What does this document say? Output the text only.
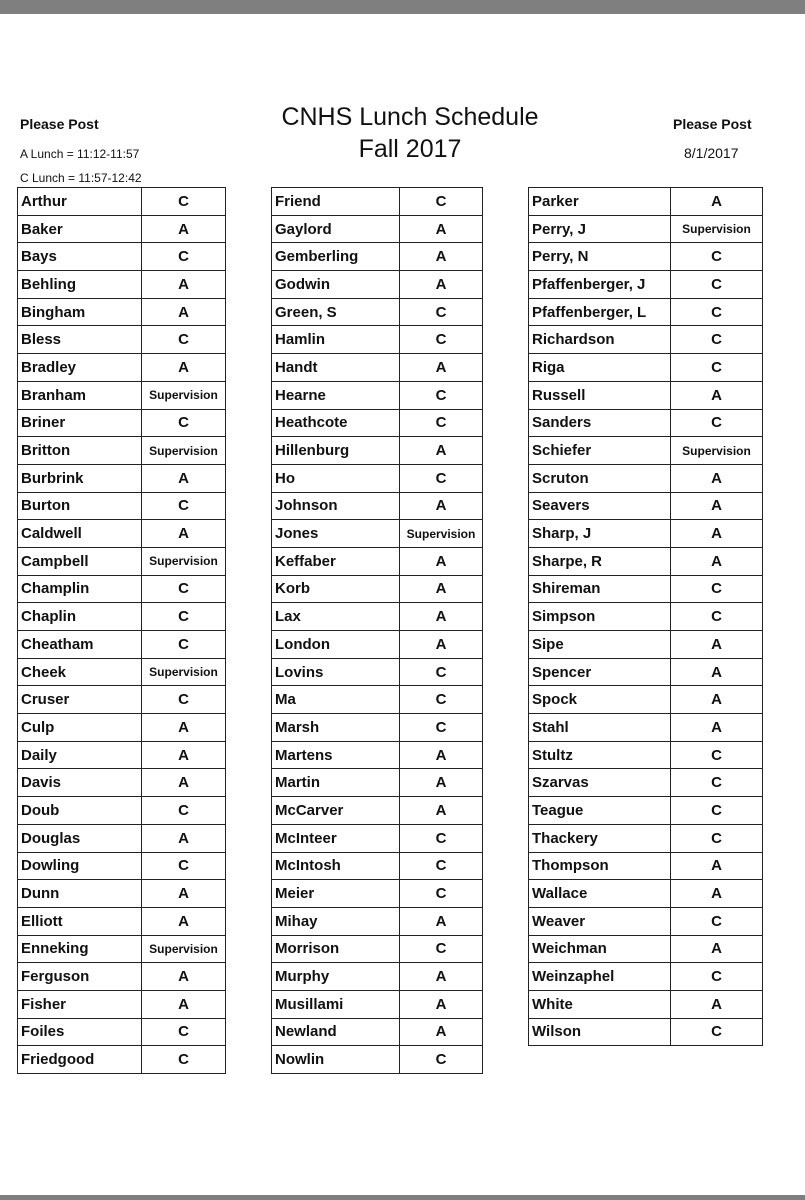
Please Post	CNHS Lunch Schedule
Fall 2017
Please Post
A Lunch = 11:12-11:57
C Lunch = 11:57-12:42
8/1/2017
Arthur	C
Baker	A
Bays	C
Behling	A
Bingham	A
Bless	C
Bradley	A
Branham	Supervision
Briner	C
Britton	Supervision
Burbrink	A
Burton	C
Caldwell	A
Campbell	Supervision
Champlin	C
Chaplin	C
Cheatham	C
Cheek	Supervision
Cruser	C
Culp	A
Daily	A
Davis	A
Doub	C
Douglas	A
Dowling	C
Dunn	A
Elliott	A
Enneking	Supervision
Ferguson	A
Fisher	A
Foiles	C
Friedgood	C
Friend	C
Gaylord	A
Gemberling	A
Godwin	A
Green, S	C
Hamlin	C
Handt	A
Hearne	C
Heathcote	C
Hillenburg	A
Ho	C
Johnson	A
Jones	Supervision
Keffaber	A
Korb	A
Lax	A
London	A
Lovins	C
Ma	C
Marsh	C
Martens	A
Martin	A
McCarver	A
McInteer	C
McIntosh	C
Meier	C
Mihay	A
Morrison	C
Murphy	A
Musillami	A
Newland	A
Nowlin	C
Parker	A
Perry, J	Supervision
Perry, N	C
Pfaffenberger, J	C
Pfaffenberger, L	C
Richardson	C
Riga	C
Russell	A
Sanders	C
Schiefer	Supervision
Scruton	A
Seavers	A
Sharp, J	A
Sharpe, R	A
Shireman	C
Simpson	C
Sipe	A
Spencer	A
Spock	A
Stahl	A
Stultz	C
Szarvas	C
Teague	C
Thackery	C
Thompson	A
Wallace	A
Weaver	C
Weichman	A
Weinzaphel	C
White	A
Wilson	C
